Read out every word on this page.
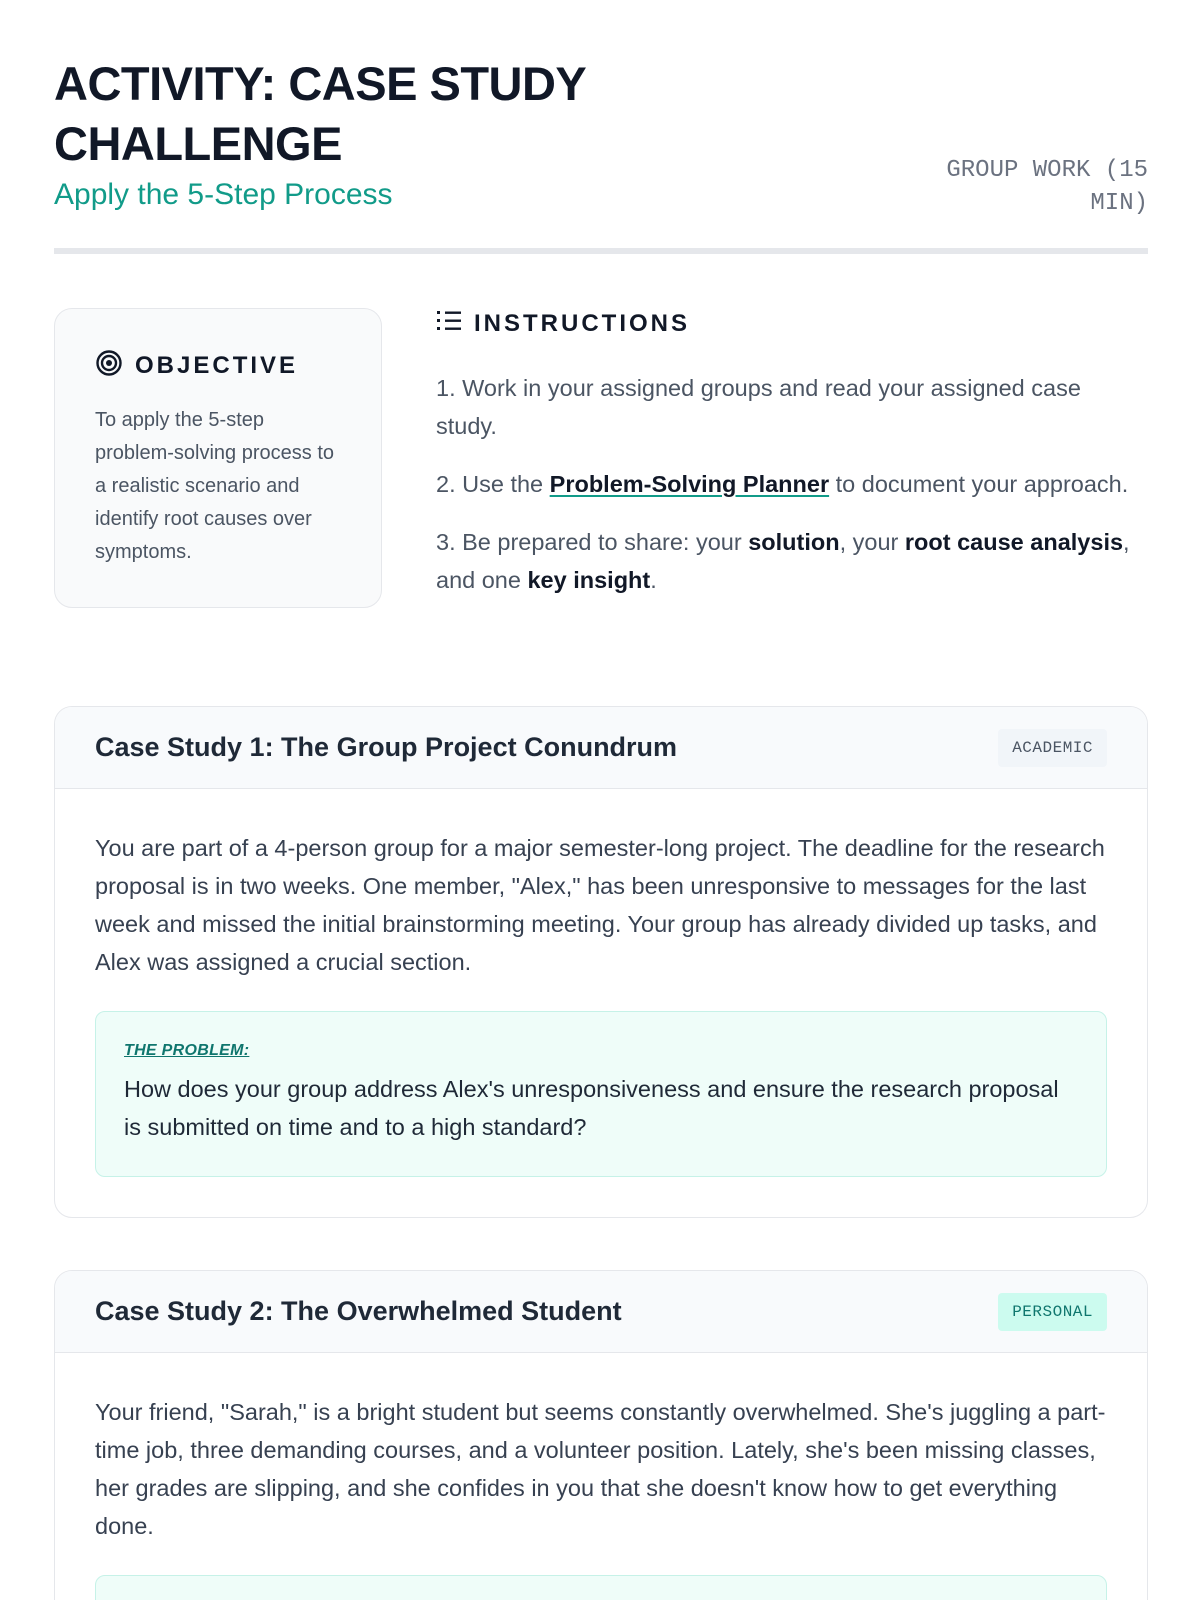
ACTIVITY: CASE STUDY CHALLENGE
Apply the 5-Step Process
GROUP WORK (15 MIN)
OBJECTIVE

To apply the 5-step problem-solving process to a realistic scenario and identify root causes over symptoms.

INSTRUCTIONS
1. Work in your assigned groups and read your assigned case study.
2. Use the Problem-Solving Planner to document your approach.
3. Be prepared to share: your solution, your root cause analysis, and one key insight.
Case Study 1: The Group Project Conundrum	ACADEMIC
You are part of a 4-person group for a major semester-long project. The deadline for the research proposal is in two weeks. One member, "Alex," has been unresponsive to messages for the last week and missed the initial brainstorming meeting. Your group has already divided up tasks, and Alex was assigned a crucial section.
THE PROBLEM:
How does your group address Alex's unresponsiveness and ensure the research proposal is submitted on time and to a high standard?
Case Study 2: The Overwhelmed Student	PERSONAL
Your friend, "Sarah," is a bright student but seems constantly overwhelmed. She's juggling a part-time job, three demanding courses, and a volunteer position. Lately, she's been missing classes, her grades are slipping, and she confides in you that she doesn't know how to get everything done.
